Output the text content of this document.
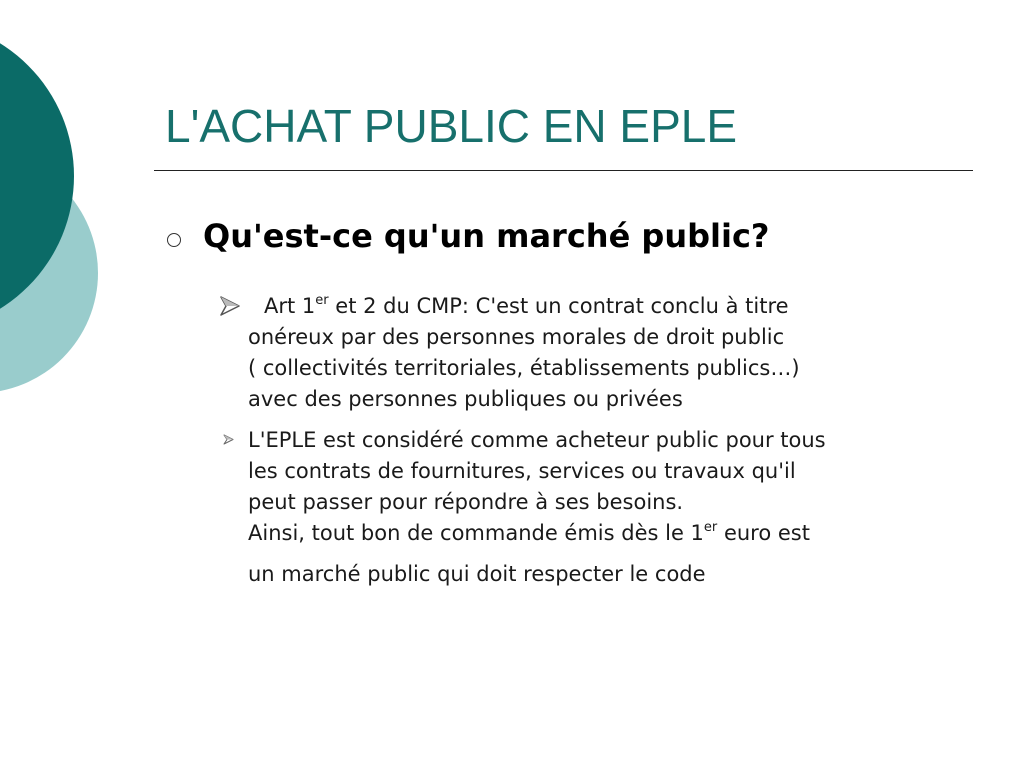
L'ACHAT PUBLIC EN EPLE
Qu'est-ce qu'un marché public?

Art 1er et 2 du CMP: C'est un contrat conclu à titre
onéreux par des personnes morales de droit public
( collectivités territoriales, établissements publics…)
avec des personnes publiques ou privées

L'EPLE est considéré comme acheteur public pour tous
les contrats de fournitures, services ou travaux qu'il
peut passer pour répondre à ses besoins.
Ainsi, tout bon de commande émis dès le 1er euro est
un marché public qui doit respecter le code
